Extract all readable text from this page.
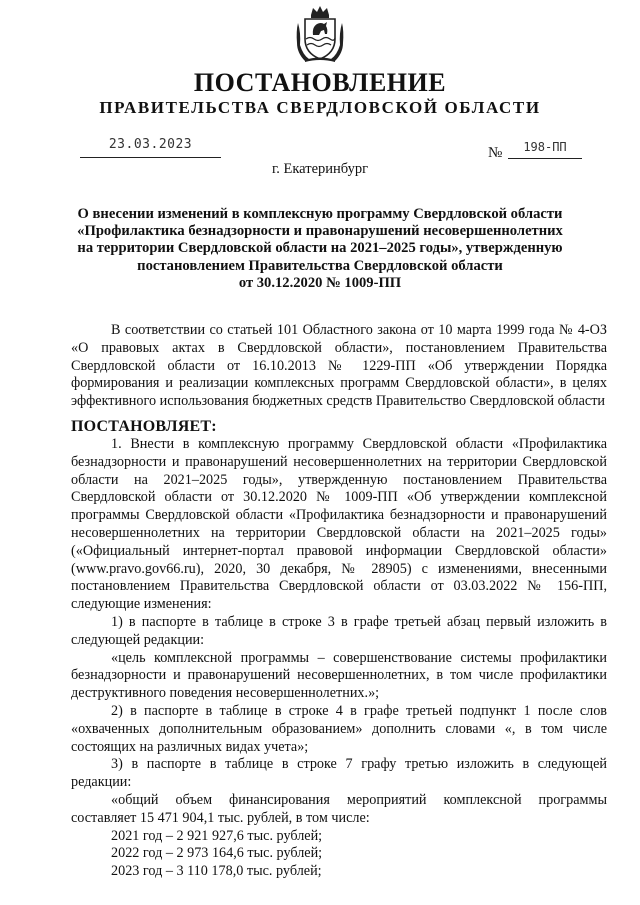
ПОСТАНОВЛЕНИЕ
ПРАВИТЕЛЬСТВА СВЕРДЛОВСКОЙ ОБЛАСТИ
23.03.2023
№	198-ПП
г. Екатеринбург
О внесении изменений в комплексную программу Свердловской области
«Профилактика безнадзорности и правонарушений несовершеннолетних
на территории Свердловской области на 2021–2025 годы», утвержденную
постановлением Правительства Свердловской области
от 30.12.2020 № 1009-ПП

В соответствии со статьей 101 Областного закона от 10 марта 1999 года № 4-ОЗ «О правовых актах в Свердловской области», постановлением Правительства Свердловской области от 16.10.2013 № 1229-ПП «Об утверждении Порядка формирования и реализации комплексных программ Свердловской области», в целях эффективного использования бюджетных средств Правительство Свердловской области

ПОСТАНОВЛЯЕТ:

1. Внести в комплексную программу Свердловской области «Профилактика безнадзорности и правонарушений несовершеннолетних на территории Свердловской области на 2021–2025 годы», утвержденную постановлением Правительства Свердловской области от 30.12.2020 № 1009-ПП «Об утверждении комплексной программы Свердловской области «Профилактика безнадзорности и правонарушений несовершеннолетних на территории Свердловской области на 2021–2025 годы» («Официальный интернет-портал правовой информации Свердловской области» (www.pravo.gov66.ru), 2020, 30 декабря, № 28905) с изменениями, внесенными постановлением Правительства Свердловской области от 03.03.2022 № 156-ПП, следующие изменения:

1) в паспорте в таблице в строке 3 в графе третьей абзац первый изложить в следующей редакции:

«цель комплексной программы – совершенствование системы профилактики безнадзорности и правонарушений несовершеннолетних, в том числе профилактики деструктивного поведения несовершеннолетних.»;

2) в паспорте в таблице в строке 4 в графе третьей подпункт 1 после слов «охваченных дополнительным образованием» дополнить словами «, в том числе состоящих на различных видах учета»;

3) в паспорте в таблице в строке 7 графу третью изложить в следующей редакции:

«общий объем финансирования мероприятий комплексной программы составляет 15 471 904,1 тыс. рублей, в том числе:

2021 год – 2 921 927,6 тыс. рублей;

2022 год – 2 973 164,6 тыс. рублей;

2023 год – 3 110 178,0 тыс. рублей;
